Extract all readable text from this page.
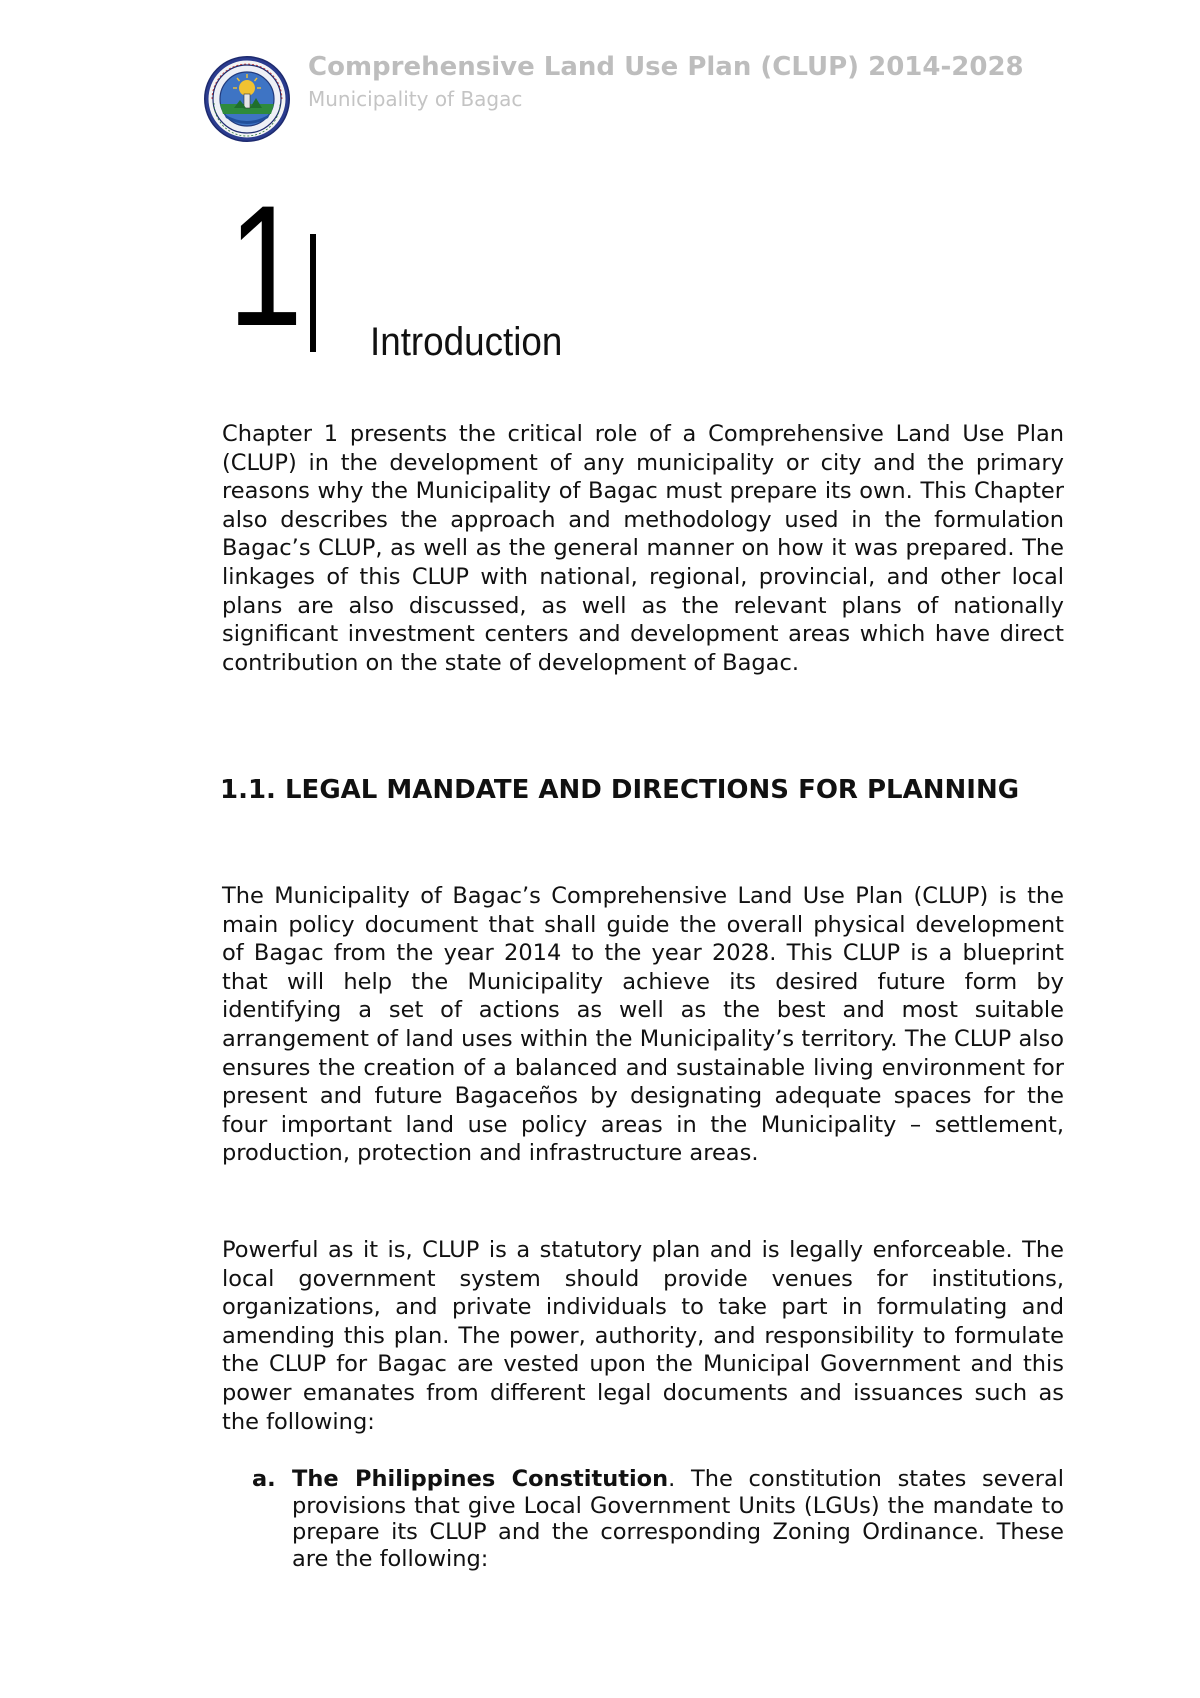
Comprehensive Land Use Plan (CLUP) 2014-2028
Municipality of Bagac
1 Introduction

Chapter 1 presents the critical role of a Comprehensive Land Use Plan (CLUP) in the development of any municipality or city and the primary reasons why the Municipality of Bagac must prepare its own. This Chapter also describes the approach and methodology used in the formulation Bagac’s CLUP, as well as the general manner on how it was prepared. The linkages of this CLUP with national, regional, provincial, and other local plans are also discussed, as well as the relevant plans of nationally significant investment centers and development areas which have direct contribution on the state of development of Bagac.

1.1. LEGAL MANDATE AND DIRECTIONS FOR PLANNING

The Municipality of Bagac’s Comprehensive Land Use Plan (CLUP) is the main policy document that shall guide the overall physical development of Bagac from the year 2014 to the year 2028. This CLUP is a blueprint that will help the Municipality achieve its desired future form by identifying a set of actions as well as the best and most suitable arrangement of land uses within the Municipality’s territory. The CLUP also ensures the creation of a balanced and sustainable living environment for present and future Bagaceños by designating adequate spaces for the four important land use policy areas in the Municipality – settlement, production, protection and infrastructure areas.

Powerful as it is, CLUP is a statutory plan and is legally enforceable. The local government system should provide venues for institutions, organizations, and private individuals to take part in formulating and amending this plan. The power, authority, and responsibility to formulate the CLUP for Bagac are vested upon the Municipal Government and this power emanates from different legal documents and issuances such as the following:

a. The Philippines Constitution. The constitution states several provisions that give Local Government Units (LGUs) the mandate to prepare its CLUP and the corresponding Zoning Ordinance. These are the following:
